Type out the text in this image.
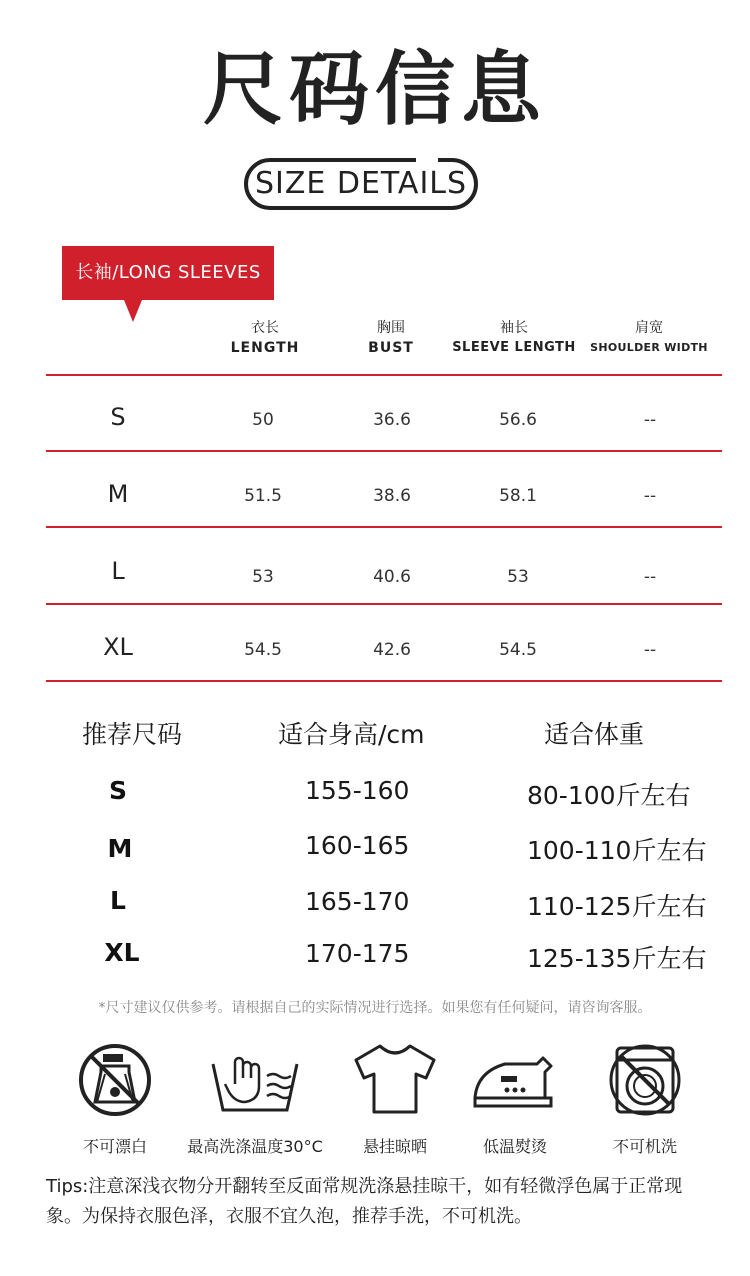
尺码信息
SIZE DETAILS
长袖/LONG SLEEVES
衣长
LENGTH
胸围
BUST
袖长
SLEEVE LENGTH
肩宽
SHOULDER WIDTH
S	50	36.6	56.6	--
M	51.5	38.6	58.1	--
L	53	40.6	53	--
XL	54.5	42.6	54.5	--
推荐尺码	适合身高/cm	适合体重
S	155-160	80-100斤左右
M	160-165	100-110斤左右
L	165-170	110-125斤左右
XL	170-175	125-135斤左右
*尺寸建议仅供参考。请根据自己的实际情况进行选择。如果您有任何疑问，请咨询客服。
不可漂白	最高洗涤温度30°C	悬挂晾晒	低温熨烫	不可机洗
Tips:注意深浅衣物分开翻转至反面常规洗涤悬挂晾干，如有轻微浮色属于正常现象。为保持衣服色泽，衣服不宜久泡，推荐手洗，不可机洗。
